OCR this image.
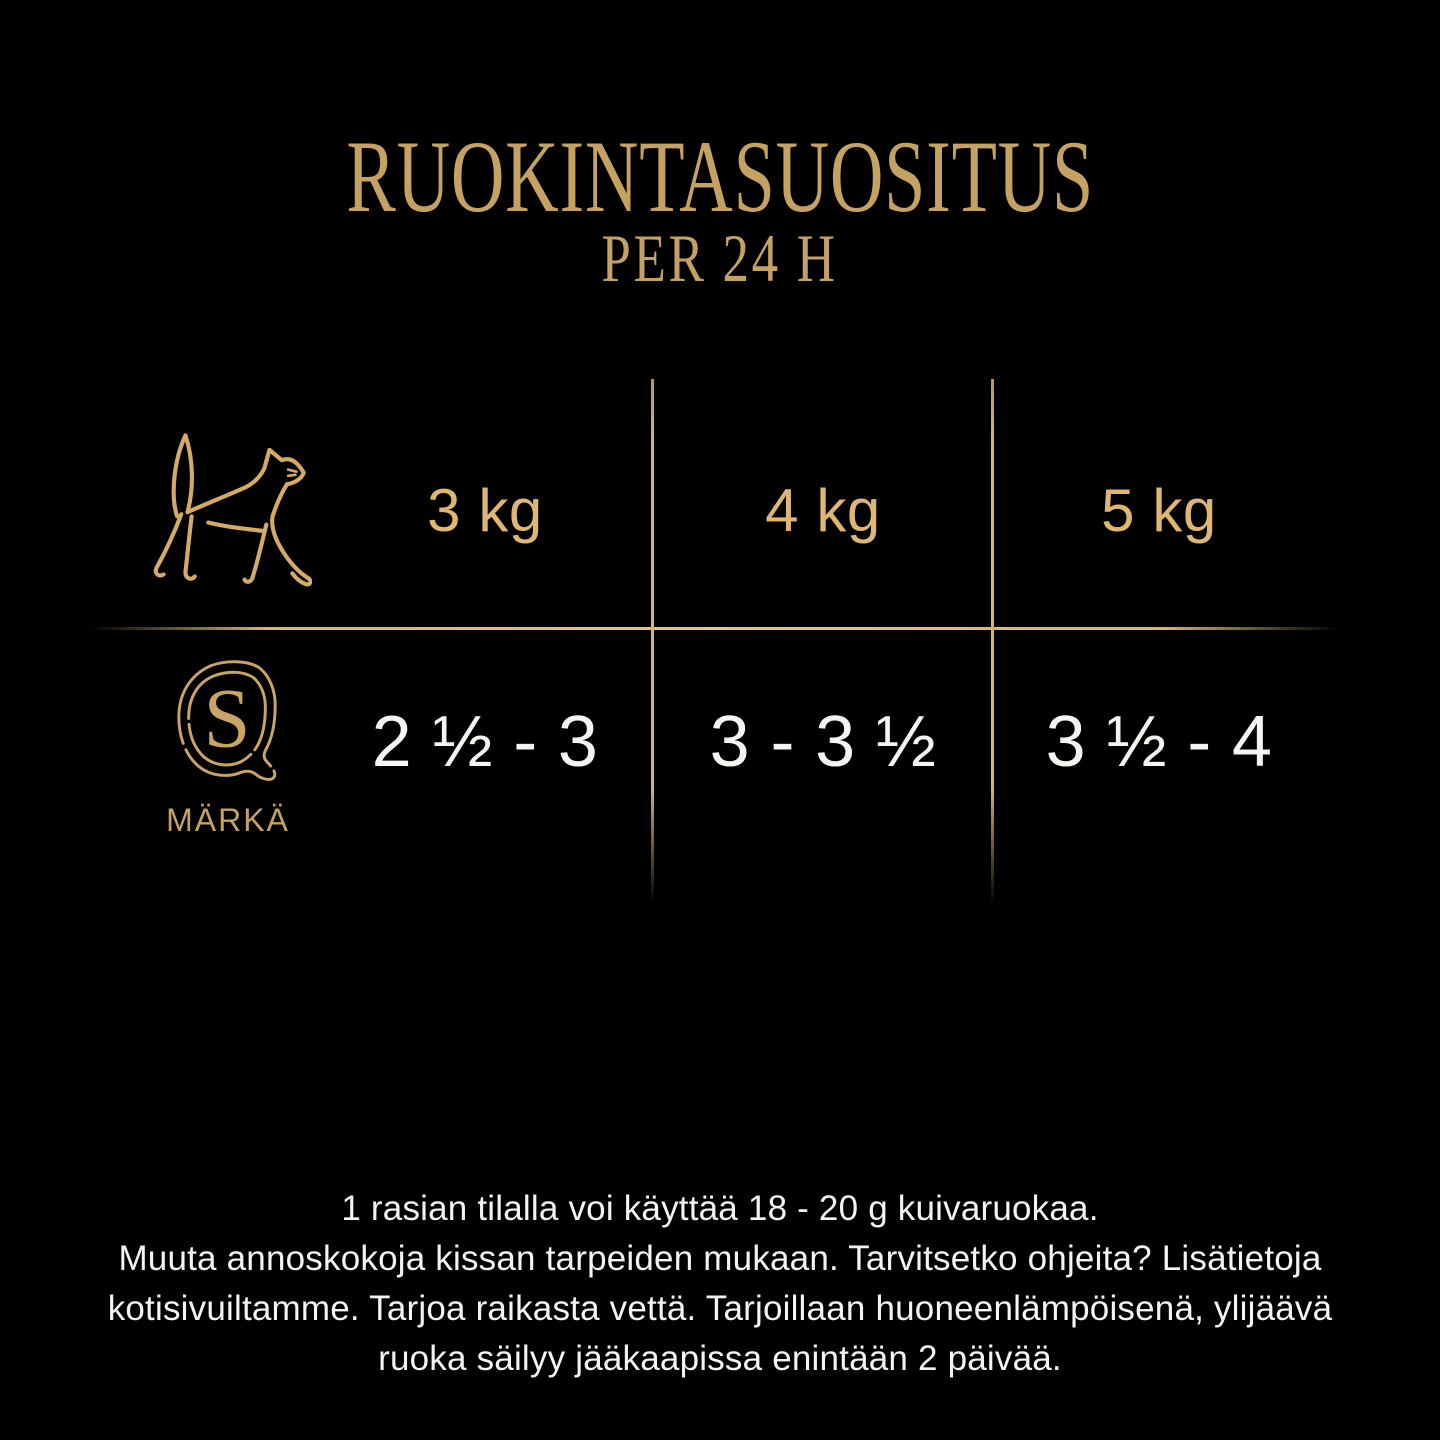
RUOKINTASUOSITUS
PER 24 H
3 kg	4 kg	5 kg
S
MÄRKÄ
2 ½ - 3	3 - 3 ½	3 ½ - 4
1 rasian tilalla voi käyttää 18 - 20 g kuivaruokaa.
Muuta annoskokoja kissan tarpeiden mukaan. Tarvitsetko ohjeita? Lisätietoja
kotisivuiltamme. Tarjoa raikasta vettä. Tarjoillaan huoneenlämpöisenä, ylijäävä
ruoka säilyy jääkaapissa enintään 2 päivää.
